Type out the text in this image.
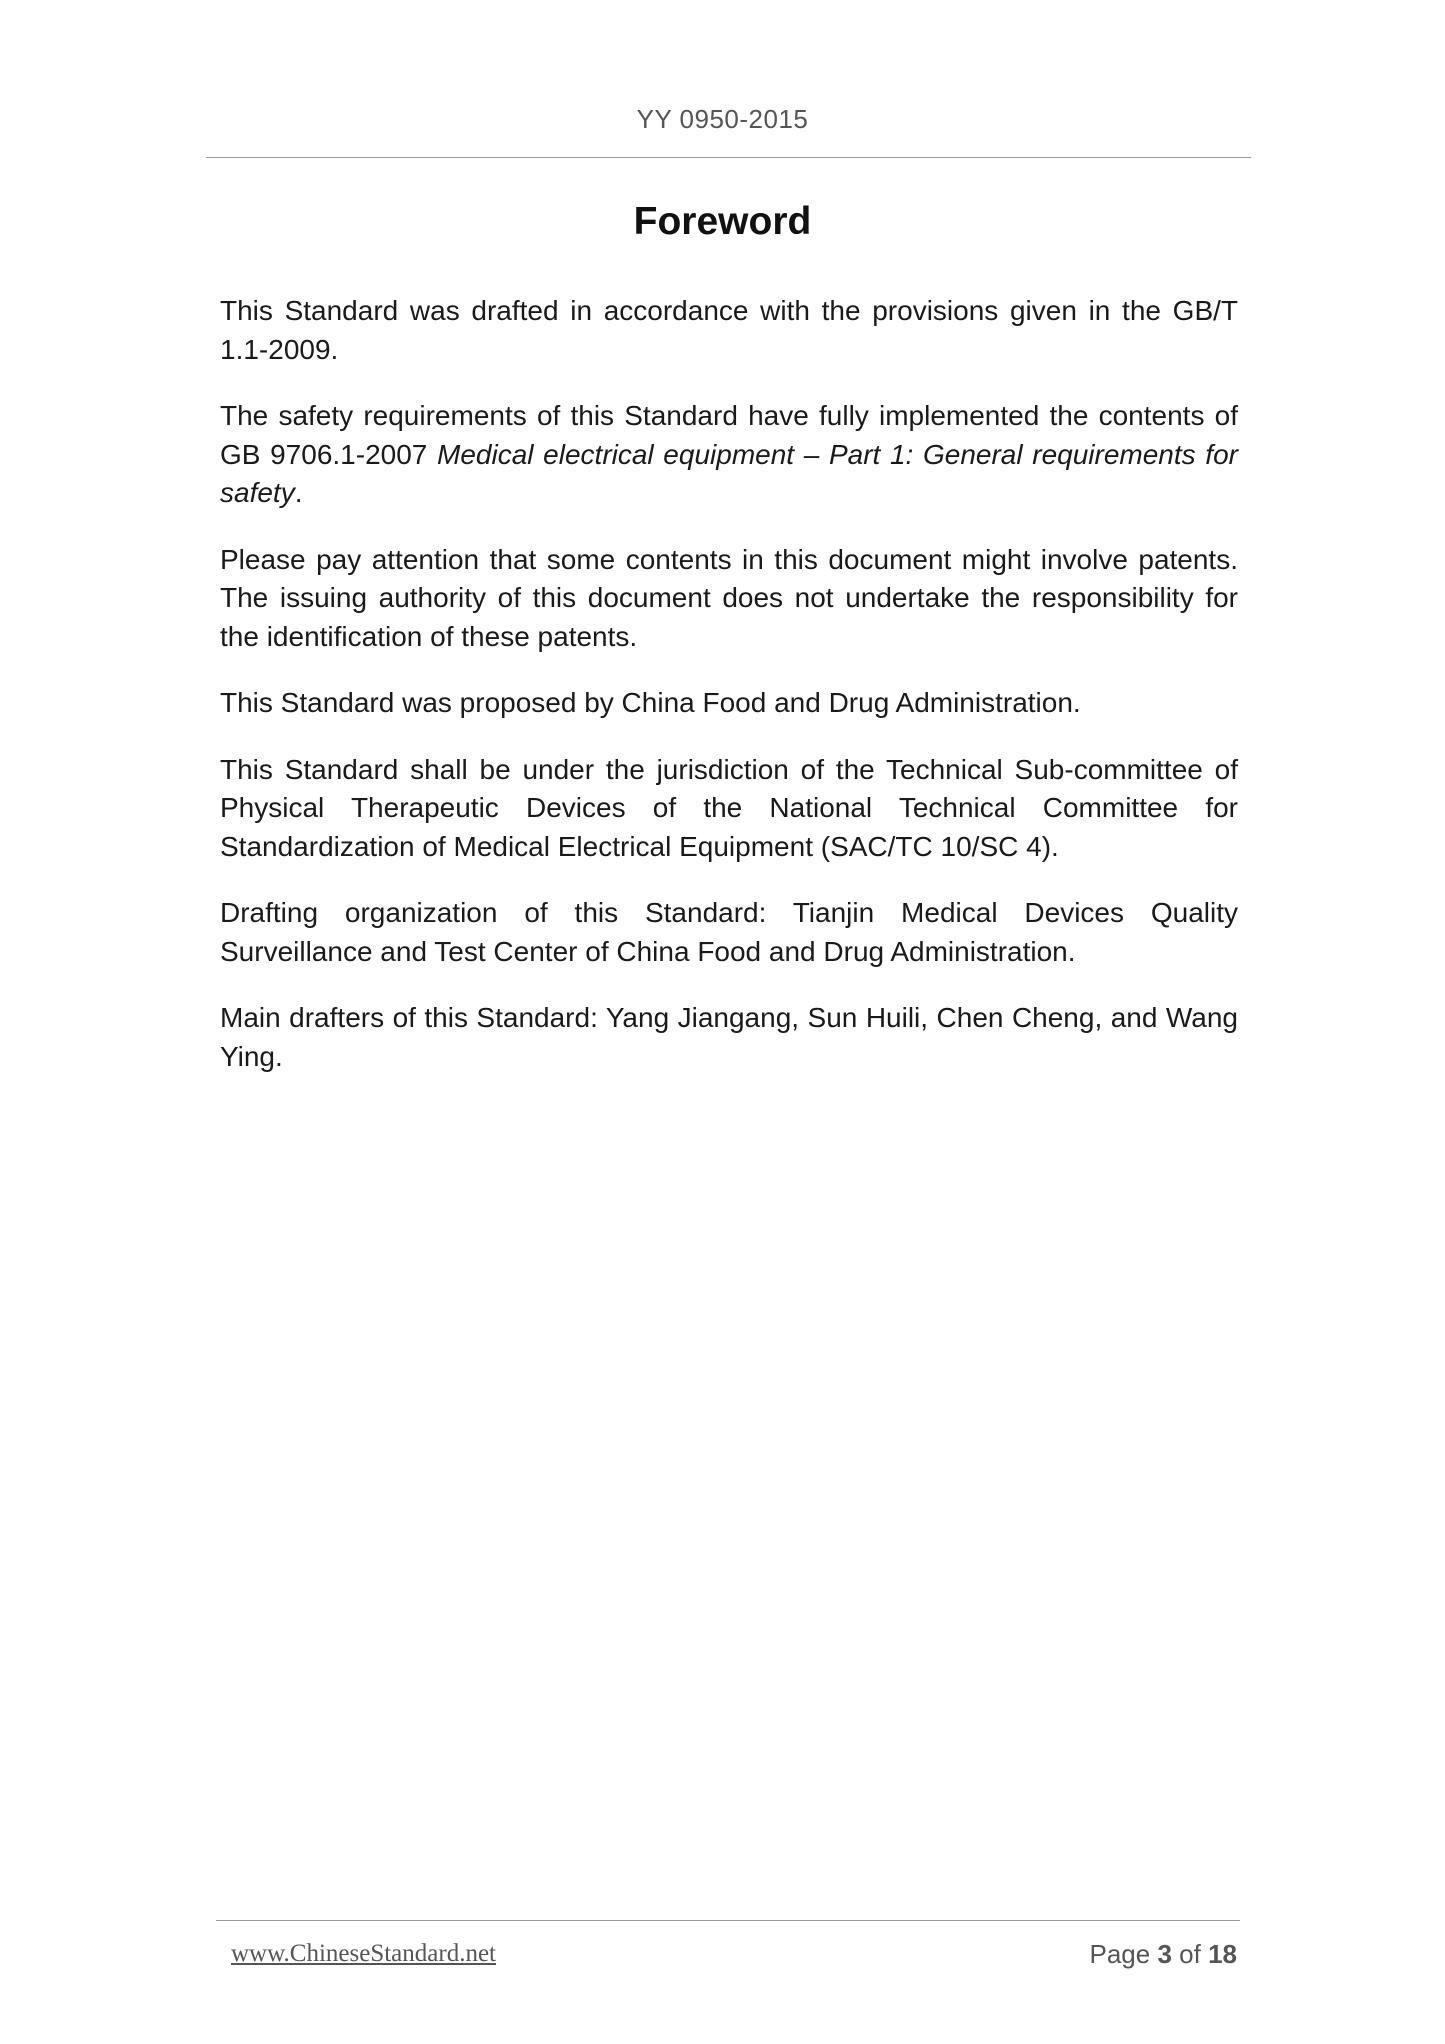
YY 0950-2015
Foreword

This Standard was drafted in accordance with the provisions given in the GB/T 1.1-2009.

The safety requirements of this Standard have fully implemented the contents of GB 9706.1-2007 Medical electrical equipment – Part 1: General requirements for safety.

Please pay attention that some contents in this document might involve patents. The issuing authority of this document does not undertake the responsibility for the identification of these patents.

This Standard was proposed by China Food and Drug Administration.

This Standard shall be under the jurisdiction of the Technical Sub-committee of Physical Therapeutic Devices of the National Technical Committee for Standardization of Medical Electrical Equipment (SAC/TC 10/SC 4).

Drafting organization of this Standard: Tianjin Medical Devices Quality Surveillance and Test Center of China Food and Drug Administration.

Main drafters of this Standard: Yang Jiangang, Sun Huili, Chen Cheng, and Wang Ying.

www.ChineseStandard.net	Page 3 of 18
